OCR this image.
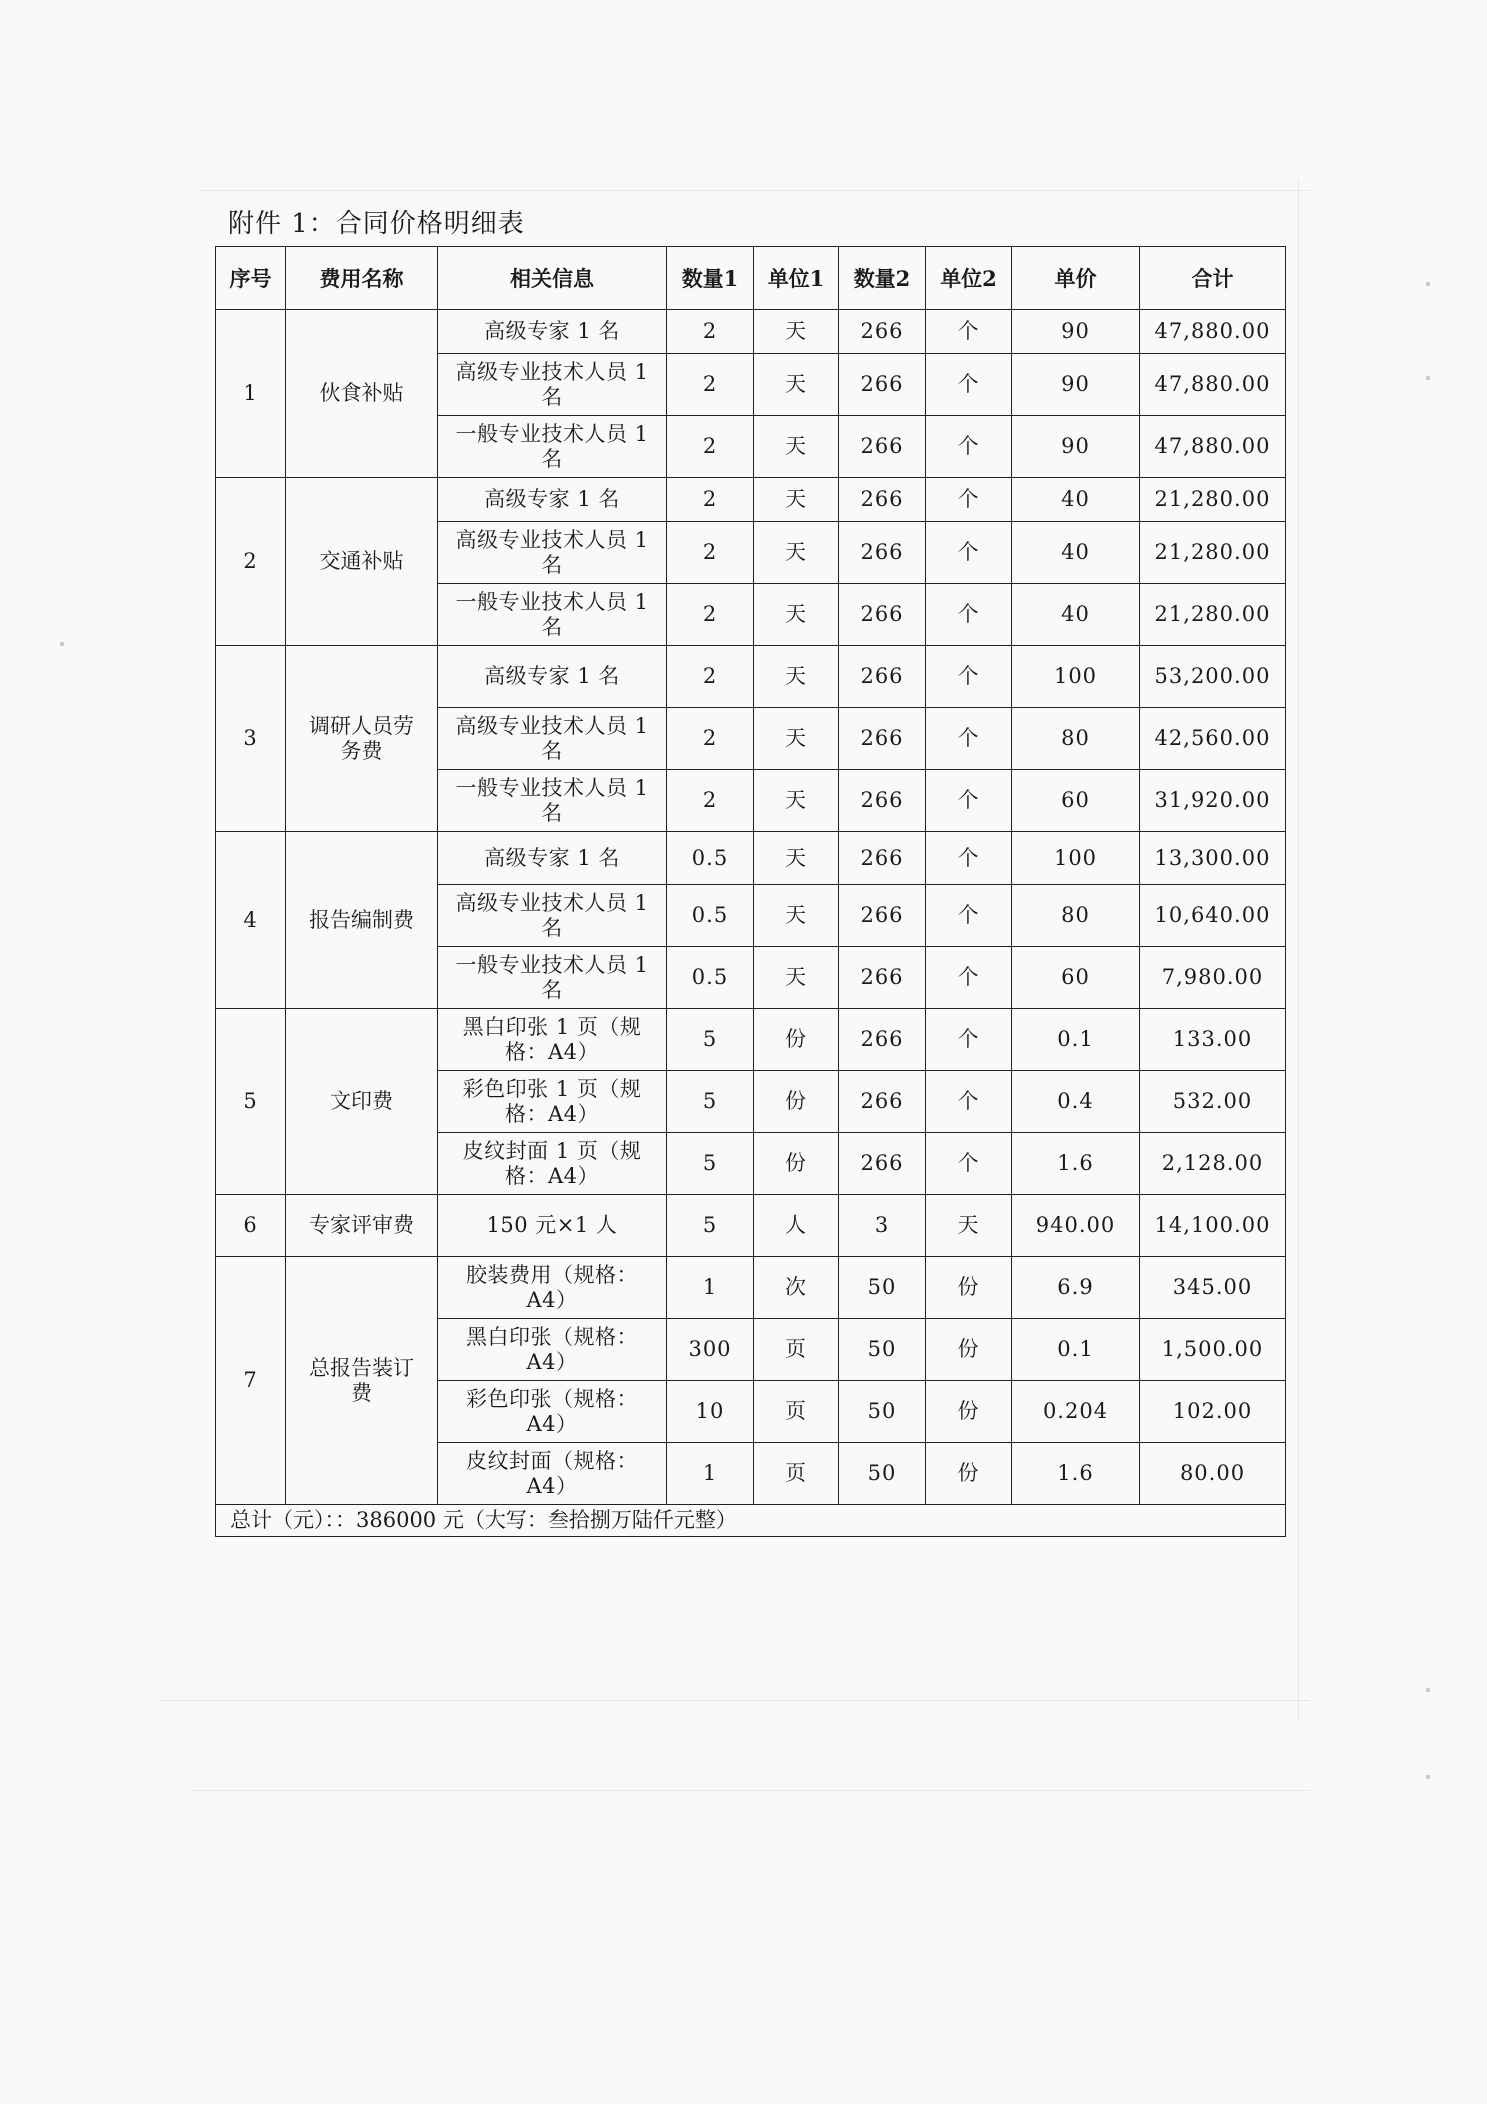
附件 1：合同价格明细表
序号	费用名称	相关信息	数量1	单位1	数量2	单位2	单价	合计
1	伙食补贴	高级专家 1 名	2	天	266	个	90	47,880.00
		高级专业技术人员 1 名	2	天	266	个	90	47,880.00
		一般专业技术人员 1 名	2	天	266	个	90	47,880.00
2	交通补贴	高级专家 1 名	2	天	266	个	40	21,280.00
		高级专业技术人员 1 名	2	天	266	个	40	21,280.00
		一般专业技术人员 1 名	2	天	266	个	40	21,280.00
3	调研人员劳务费	高级专家 1 名	2	天	266	个	100	53,200.00
		高级专业技术人员 1 名	2	天	266	个	80	42,560.00
		一般专业技术人员 1 名	2	天	266	个	60	31,920.00
4	报告编制费	高级专家 1 名	0.5	天	266	个	100	13,300.00
		高级专业技术人员 1 名	0.5	天	266	个	80	10,640.00
		一般专业技术人员 1 名	0.5	天	266	个	60	7,980.00
5	文印费	黑白印张 1 页（规格：A4）	5	份	266	个	0.1	133.00
		彩色印张 1 页（规格：A4）	5	份	266	个	0.4	532.00
		皮纹封面 1 页（规格：A4）	5	份	266	个	1.6	2,128.00
6	专家评审费	150 元×1 人	5	人	3	天	940.00	14,100.00
7	总报告装订费	胶装费用（规格：A4）	1	次	50	份	6.9	345.00
		黑白印张（规格：A4）	300	页	50	份	0.1	1,500.00
		彩色印张（规格：A4）	10	页	50	份	0.204	102.00
		皮纹封面（规格：A4）	1	页	50	份	1.6	80.00
总计（元）：：386000 元（大写：叁拾捌万陆仟元整）								
